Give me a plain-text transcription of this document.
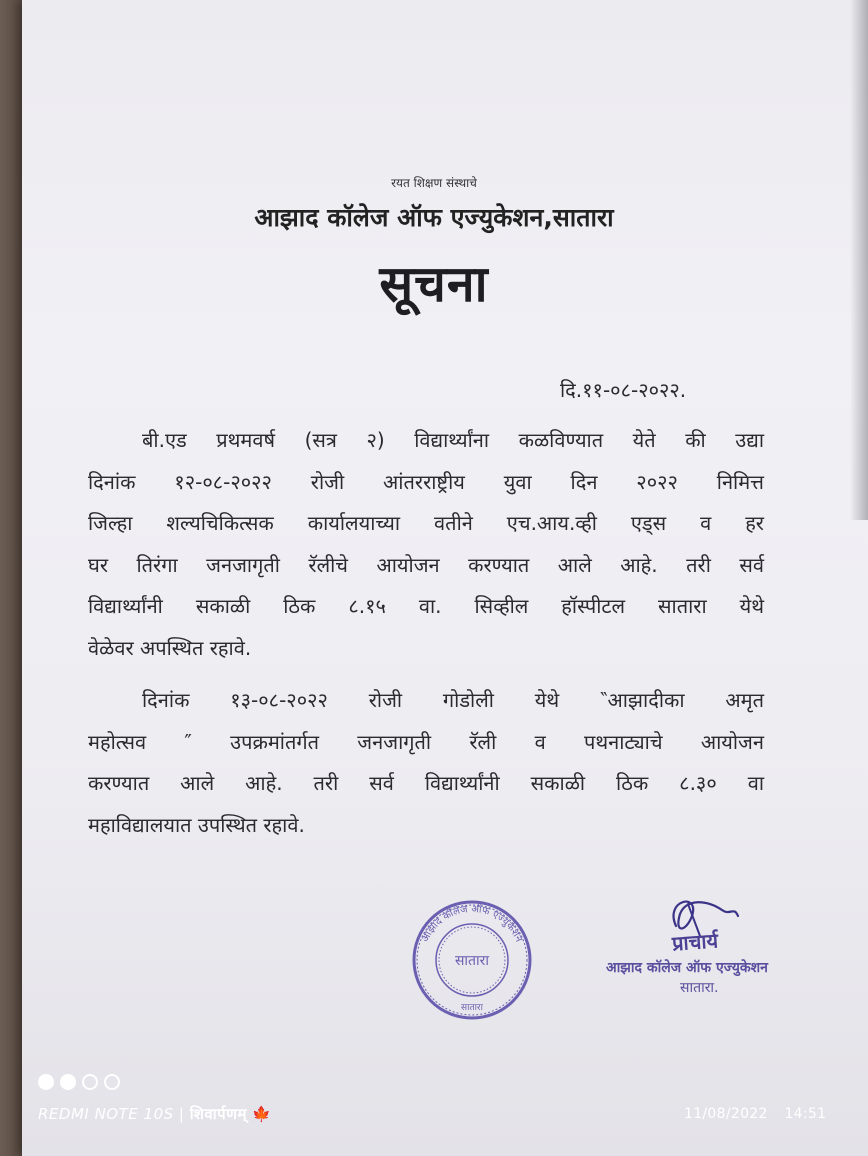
रयत शिक्षण संस्थाचे
आझाद कॉलेज ऑफ एज्युकेशन,सातारा
सूचना
दि.११-०८-२०२२.
बी.एड प्रथमवर्ष (सत्र २) विद्यार्थ्यांना कळविण्यात येते की उद्या
दिनांक १२-०८-२०२२ रोजी आंतरराष्ट्रीय युवा दिन २०२२ निमित्त
जिल्हा शल्यचिकित्सक कार्यालयाच्या वतीने एच.आय.व्ही एड्स व हर
घर तिरंगा जनजागृती रॅलीचे आयोजन करण्यात आले आहे. तरी सर्व
विद्यार्थ्यांनी सकाळी ठिक ८.१५ वा. सिव्हील हॉस्पीटल सातारा येथे
वेळेवर अपस्थित रहावे.
दिनांक १३-०८-२०२२ रोजी गोडोली येथे ‶आझादीका अमृत
महोत्सव ″ उपक्रमांतर्गत जनजागृती रॅली व पथनाट्याचे आयोजन
करण्यात आले आहे. तरी सर्व विद्यार्थ्यांनी सकाळी ठिक ८.३० वा
महाविद्यालयात उपस्थित रहावे.
आझाद कॉलेज ऑफ एज्युकेशन
सातारा
सातारा
प्राचार्य
आझाद कॉलेज ऑफ एज्युकेशन
सातारा.
REDMI NOTE 10S | शिवार्पणम् 🍁	11/08/2022 14:51
